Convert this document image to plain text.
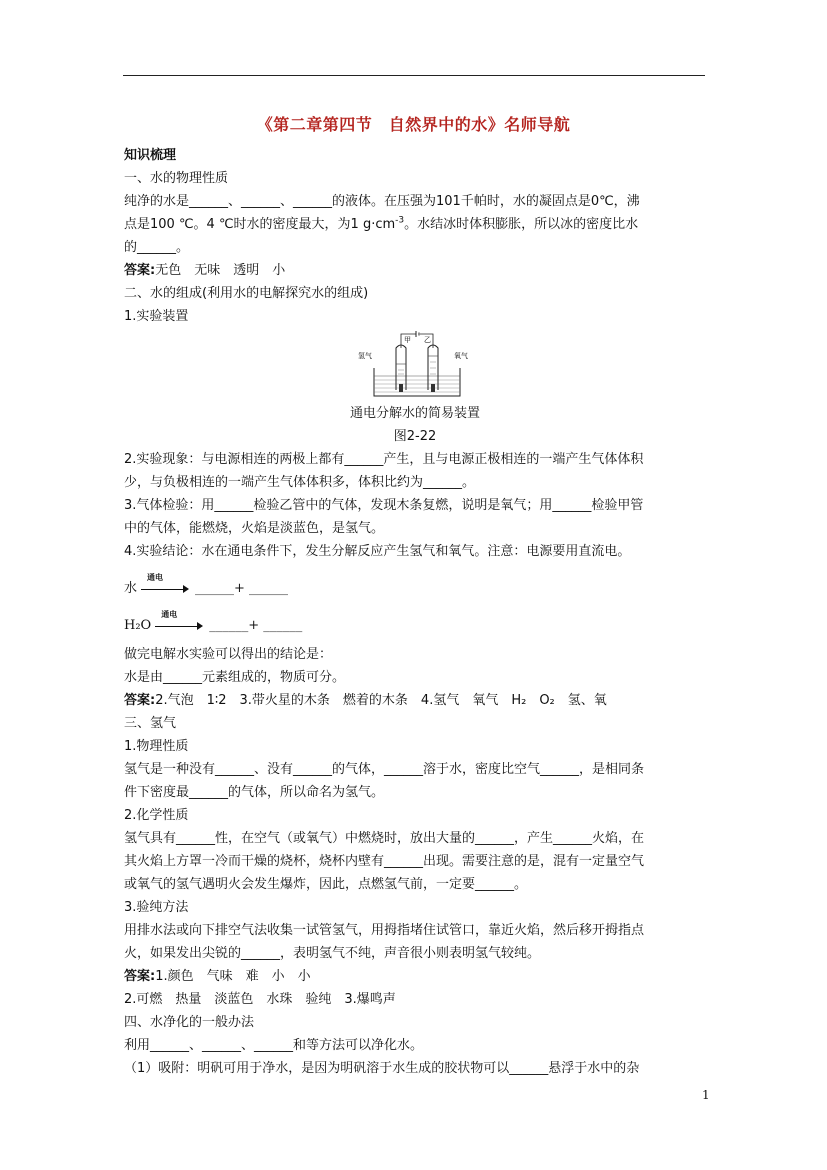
《第二章第四节　自然界中的水》名师导航
知识梳理
一、水的物理性质
纯净的水是______、______、______的液体。在压强为101千帕时，水的凝固点是0℃，沸
点是100 ℃。4 ℃时水的密度最大，为1 $g\cdot cm^{-3}$。水结冰时体积膨胀，所以冰的密度比水
的______。
答案:无色　无味　透明　小
二、水的组成(利用水的电解探究水的组成)
1.实验装置
氢气	氧气
甲 乙
通电分解水的简易装置
图2-22
2.实验现象：与电源相连的两极上都有______产生，且与电源正极相连的一端产生气体体积
少，与负极相连的一端产生气体体积多，体积比约为______。
3.气体检验：用______检验乙管中的气体，发现木条复燃，说明是氧气；用______检验甲管
中的气体，能燃烧，火焰是淡蓝色，是氢气。
4.实验结论：水在通电条件下，发生分解反应产生氢气和氧气。注意：电源要用直流电。
水
通电
______+ ______
H₂O
通电
______+ ______
做完电解水实验可以得出的结论是：
水是由______元素组成的，物质可分。
答案:2.气泡　1∶2　3.带火星的木条　燃着的木条　4.氢气　氧气　H₂　O₂　氢、氧
三、氢气
1.物理性质
氢气是一种没有______、没有______的气体，______溶于水，密度比空气______，是相同条
件下密度最______的气体，所以命名为氢气。
2.化学性质
氢气具有______性，在空气（或氧气）中燃烧时，放出大量的______，产生______火焰，在
其火焰上方罩一冷而干燥的烧杯，烧杯内壁有______出现。需要注意的是，混有一定量空气
或氧气的氢气遇明火会发生爆炸，因此，点燃氢气前，一定要______。
3.验纯方法
用排水法或向下排空气法收集一试管氢气，用拇指堵住试管口，靠近火焰，然后移开拇指点
火，如果发出尖锐的______，表明氢气不纯，声音很小则表明氢气较纯。
答案:1.颜色　气味　难　小　小
2.可燃　热量　淡蓝色　水珠　验纯　3.爆鸣声
四、水净化的一般办法
利用______、______、______和等方法可以净化水。
（1）吸附：明矾可用于净水，是因为明矾溶于水生成的胶状物可以______悬浮于水中的杂
1
